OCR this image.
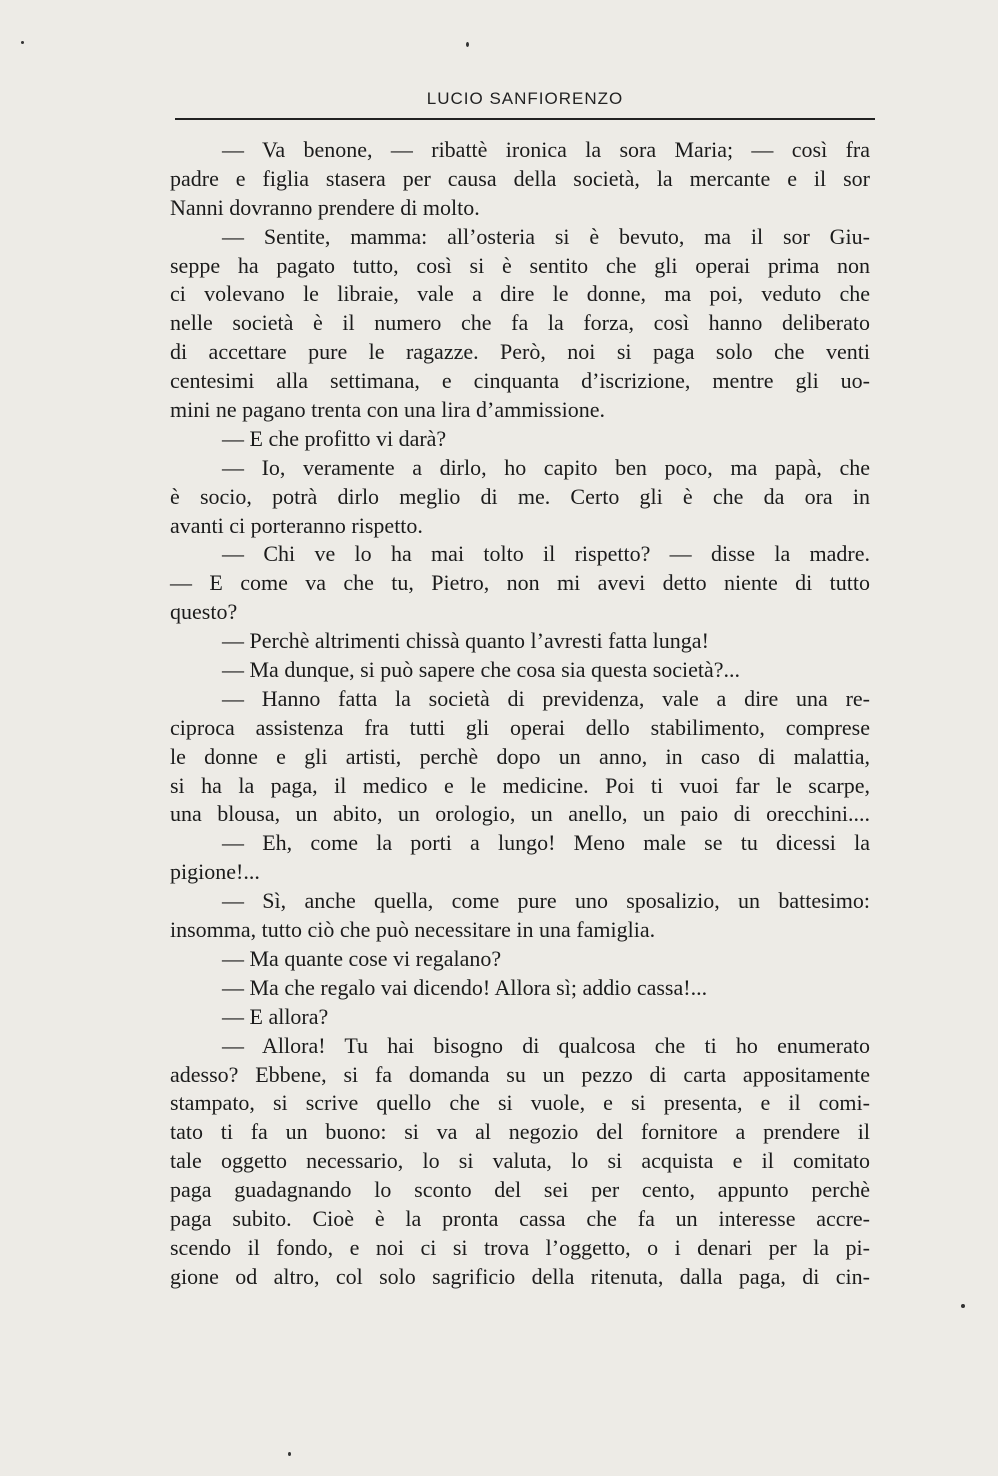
LUCIO SANFIORENZO
— Va benone, — ribattè ironica la sora Maria; — così fra
padre e figlia stasera per causa della società, la mercante e il sor
Nanni dovranno prendere di molto.
— Sentite, mamma: all’osteria si è bevuto, ma il sor Giu-
seppe ha pagato tutto, così si è sentito che gli operai prima non
ci volevano le libraie, vale a dire le donne, ma poi, veduto che
nelle società è il numero che fa la forza, così hanno deliberato
di accettare pure le ragazze. Però, noi si paga solo che venti
centesimi alla settimana, e cinquanta d’iscrizione, mentre gli uo-
mini ne pagano trenta con una lira d’ammissione.
— E che profitto vi darà?
— Io, veramente a dirlo, ho capito ben poco, ma papà, che
è socio, potrà dirlo meglio di me. Certo gli è che da ora in
avanti ci porteranno rispetto.
— Chi ve lo ha mai tolto il rispetto? — disse la madre.
— E come va che tu, Pietro, non mi avevi detto niente di tutto
questo?
— Perchè altrimenti chissà quanto l’avresti fatta lunga!
— Ma dunque, si può sapere che cosa sia questa società?...
— Hanno fatta la società di previdenza, vale a dire una re-
ciproca assistenza fra tutti gli operai dello stabilimento, comprese
le donne e gli artisti, perchè dopo un anno, in caso di malattia,
si ha la paga, il medico e le medicine. Poi ti vuoi far le scarpe,
una blousa, un abito, un orologio, un anello, un paio di orecchini....
— Eh, come la porti a lungo! Meno male se tu dicessi la
pigione!...
— Sì, anche quella, come pure uno sposalizio, un battesimo:
insomma, tutto ciò che può necessitare in una famiglia.
— Ma quante cose vi regalano?
— Ma che regalo vai dicendo! Allora sì; addio cassa!...
— E allora?
— Allora! Tu hai bisogno di qualcosa che ti ho enumerato
adesso? Ebbene, si fa domanda su un pezzo di carta appositamente
stampato, si scrive quello che si vuole, e si presenta, e il comi-
tato ti fa un buono: si va al negozio del fornitore a prendere il
tale oggetto necessario, lo si valuta, lo si acquista e il comitato
paga guadagnando lo sconto del sei per cento, appunto perchè
paga subito. Cioè è la pronta cassa che fa un interesse accre-
scendo il fondo, e noi ci si trova l’oggetto, o i denari per la pi-
gione od altro, col solo sagrificio della ritenuta, dalla paga, di cin-
